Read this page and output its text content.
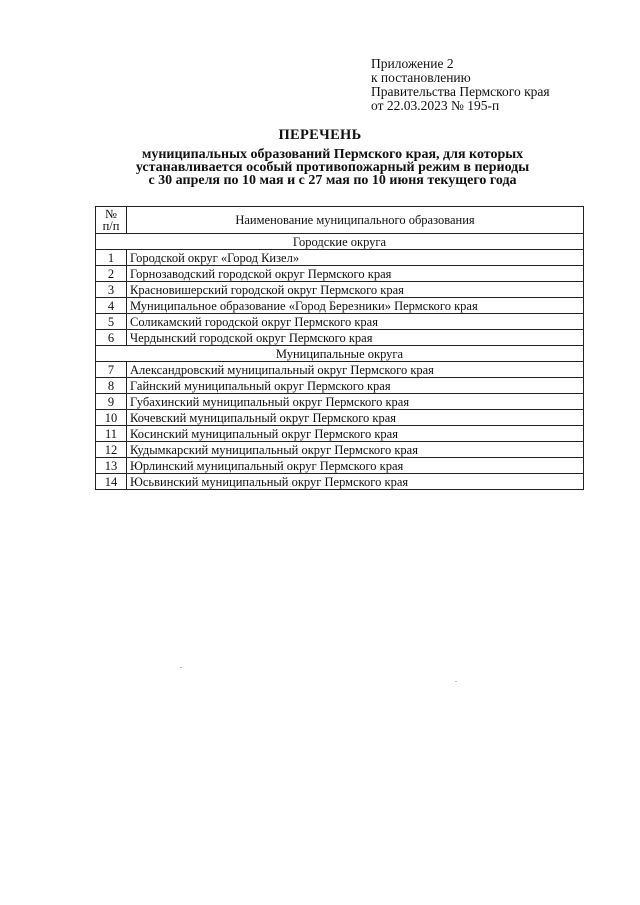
Приложение 2
к постановлению
Правительства Пермского края
от 22.03.2023 № 195-п
ПЕРЕЧЕНЬ
муниципальных образований Пермского края, для которых
устанавливается особый противопожарный режим в периоды
с 30 апреля по 10 мая и с 27 мая по 10 июня текущего года
№
п/п	Наименование муниципального образования
Городские округа	
1	Городской округ «Город Кизел»
2	Горнозаводский городской округ Пермского края
3	Красновишерский городской округ Пермского края
4	Муниципальное образование «Город Березники» Пермского края
5	Соликамский городской округ Пермского края
6	Чердынский городской округ Пермского края
Муниципальные округа	
7	Александровский муниципальный округ Пермского края
8	Гайнский муниципальный округ Пермского края
9	Губахинский муниципальный округ Пермского края
10	Кочевский муниципальный округ Пермского края
11	Косинский муниципальный округ Пермского края
12	Кудымкарский муниципальный округ Пермского края
13	Юрлинский муниципальный округ Пермского края
14	Юсьвинский муниципальный округ Пермского края
